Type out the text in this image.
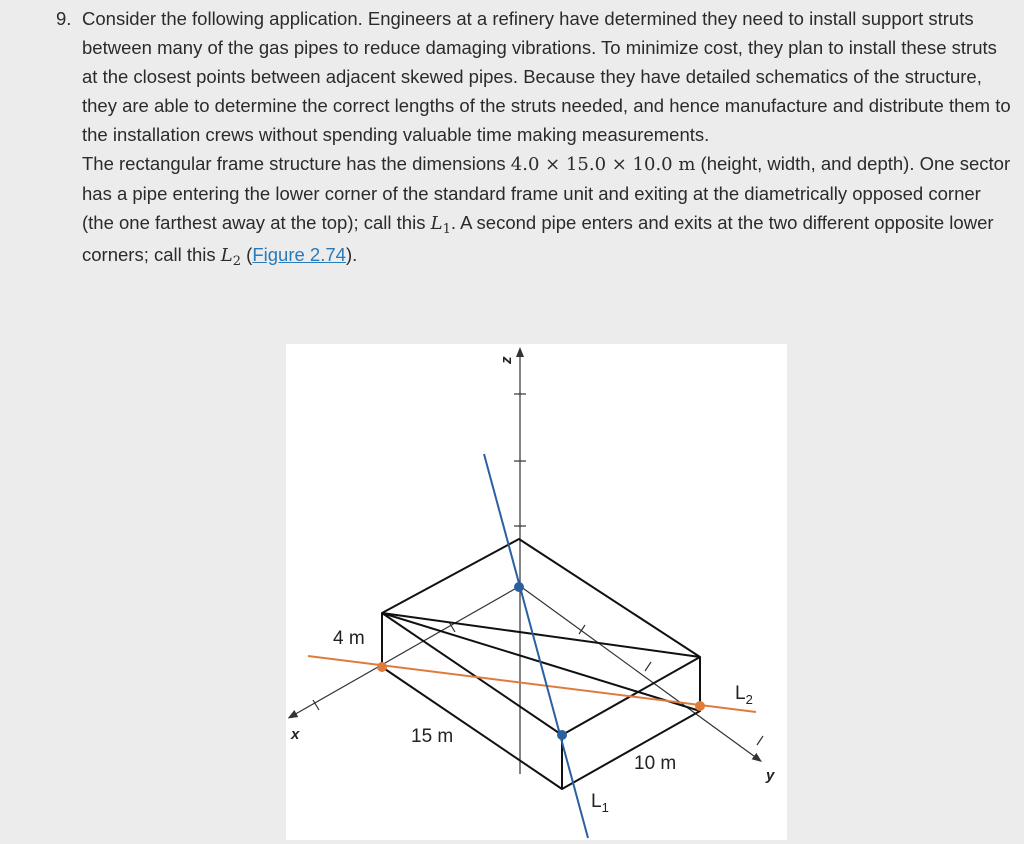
9. Consider the following application. Engineers at a refinery have determined they need to install support struts between many of the gas pipes to reduce damaging vibrations. To minimize cost, they plan to install these struts at the closest points between adjacent skewed pipes. Because they have detailed schematics of the structure, they are able to determine the correct lengths of the struts needed, and hence manufacture and distribute them to the installation crews without spending valuable time making measurements.

The rectangular frame structure has the dimensions 4.0 × 15.0 × 10.0 m (height, width, and depth). One sector has a pipe entering the lower corner of the standard frame unit and exiting at the diametrically opposed corner (the one farthest away at the top); call this $L_1$. A second pipe enters and exits at the two different opposite lower corners; call this $L_2$ (Figure 2.74).

z
x
y
4 m
15 m
10 m
$L_1$
$L_2$
